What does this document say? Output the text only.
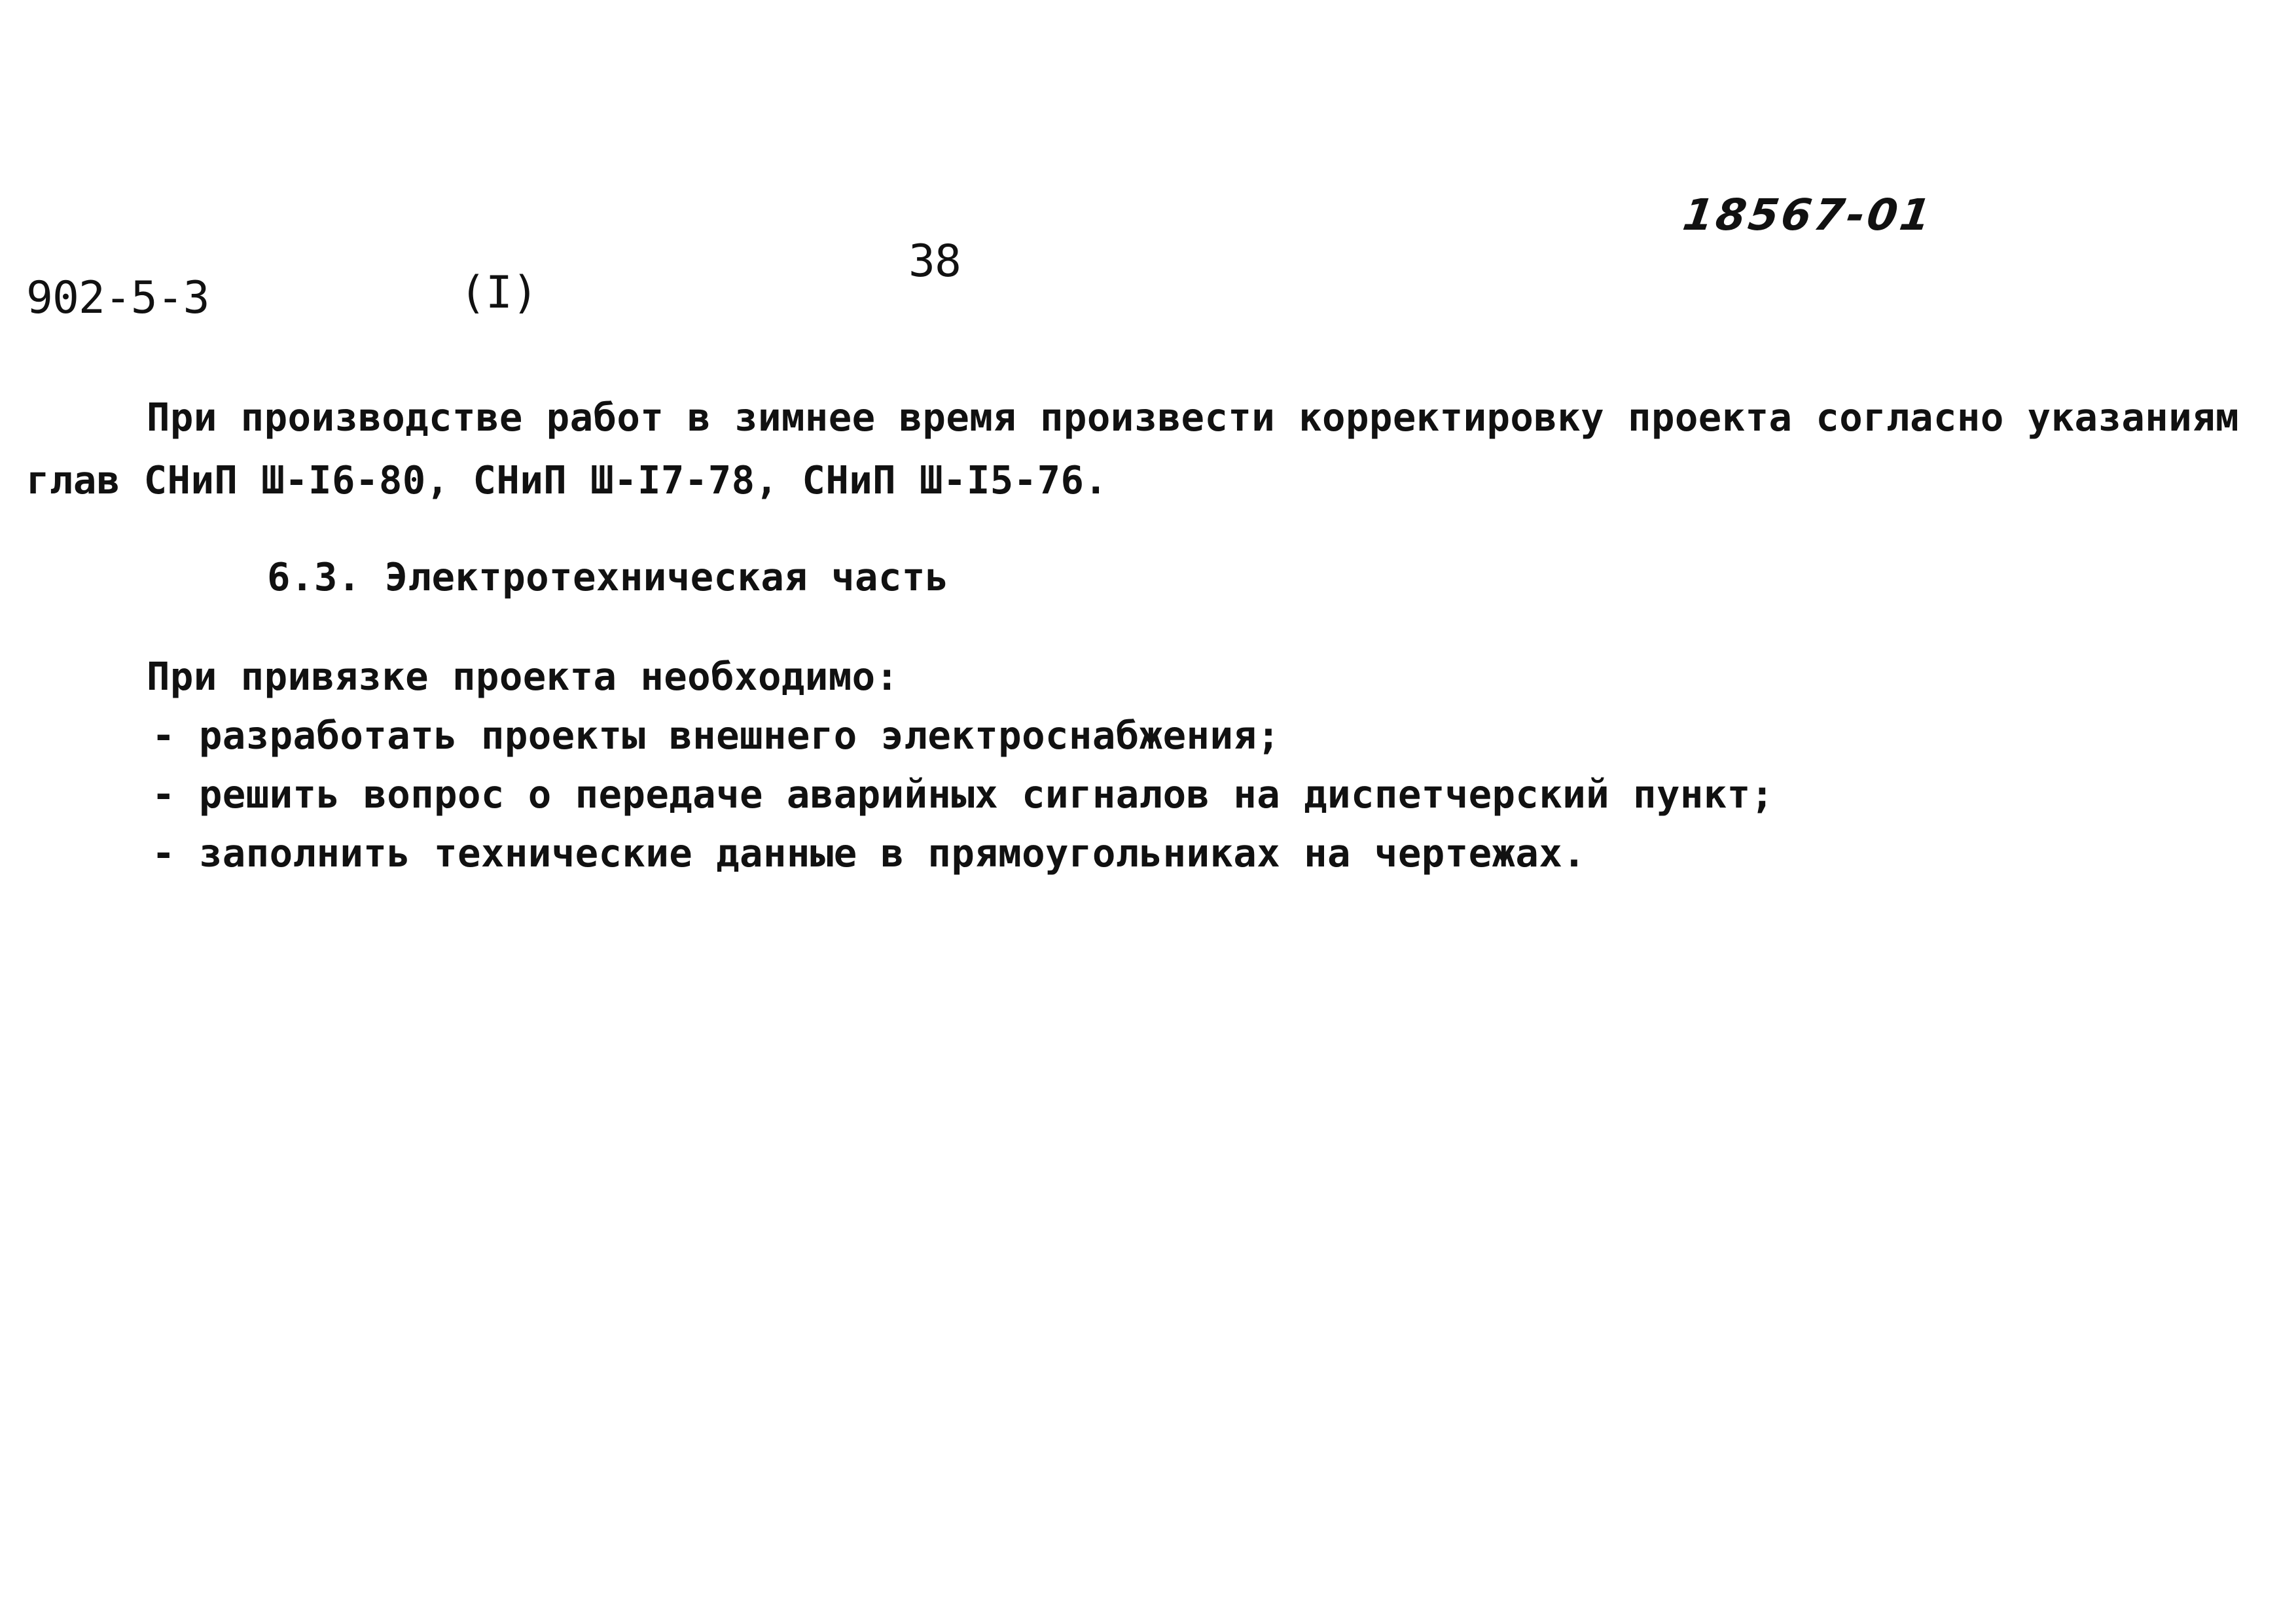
902-5-3	(I)
38
18567-01
При производстве работ в зимнее время произвести корректировку проекта согласно указаниям
глав СНиП Ш-I6-80, СНиП Ш-I7-78, СНиП Ш-I5-76.
6.3. Электротехническая часть
При привязке проекта необходимо:
- разработать проекты внешнего электроснабжения;
- решить вопрос о передаче аварийных сигналов на диспетчерский пункт;
- заполнить технические данные в прямоугольниках на чертежах.
